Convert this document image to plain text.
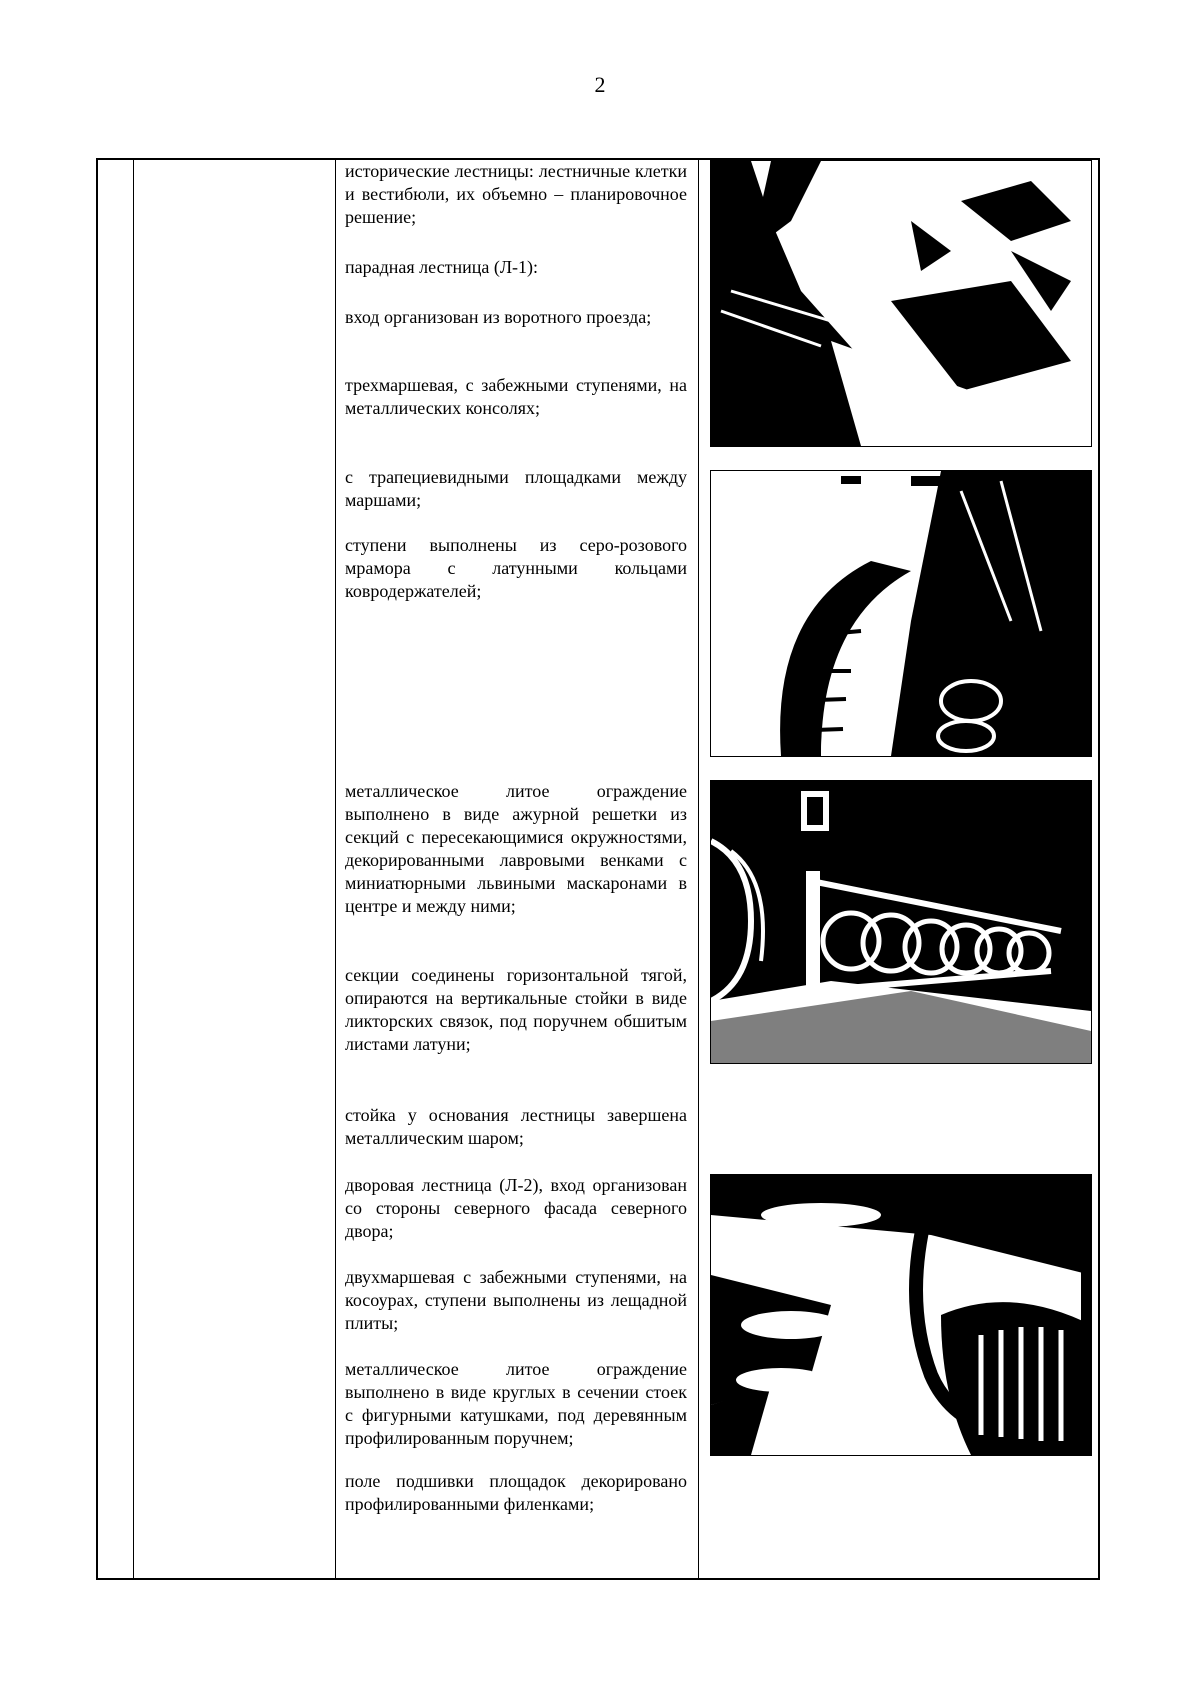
2
исторические лестницы: лестничные клетки и вестибюли, их объемно – планировочное решение;
парадная лестница (Л-1):
вход организован из воротного проезда;
трехмаршевая, с забежными ступенями, на металлических консолях;
с трапециевидными площадками между маршами;
ступени выполнены из серо-розового мрамора с латунными кольцами ковродержателей;
металлическое литое ограждение выполнено в виде ажурной решетки из секций с пересекающимися окружностями, декорированными лавровыми венками с миниатюрными львиными маскаронами в центре и между ними;
секции соединены горизонтальной тягой, опираются на вертикальные стойки в виде ликторских связок, под поручнем обшитым листами латуни;
стойка у основания лестницы завершена металлическим шаром;
дворовая лестница (Л-2), вход организован со стороны северного фасада северного двора;
двухмаршевая с забежными ступенями, на косоурах, ступени выполнены из лещадной плиты;
металлическое литое ограждение выполнено в виде круглых в сечении стоек с фигурными катушками, под деревянным профилированным поручнем;
поле подшивки площадок декорировано профилированными филенками;
